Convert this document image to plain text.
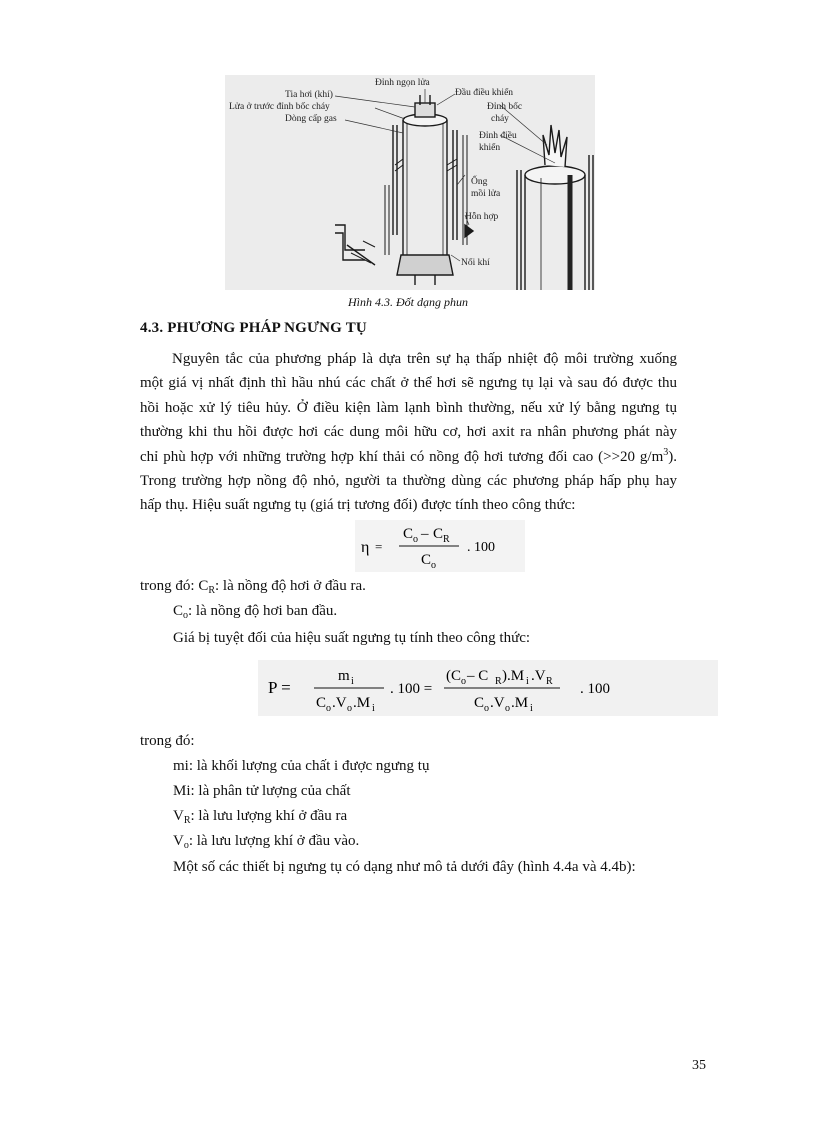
Đỉnh ngọn lửa
Tia hơi (khí)
Lửa ở trước đỉnh bốc cháy
Dòng cấp gas
Đầu điều khiển
Đỉnh bốc
cháy
Đỉnh điều
khiển
Ống
mồi lửa
Hỗn hợp
Nối khí
Hình 4.3. Đốt dạng phun
4.3. PHƯƠNG PHÁP NGƯNG TỤ
Nguyên tắc của phương pháp là dựa trên sự hạ thấp nhiệt độ môi trường xuống
một giá vị nhất định thì hầu nhú các chất ở thể hơi sẽ ngưng tụ lại và sau đó được thu
hồi hoặc xử lý tiêu hủy. Ở điều kiện làm lạnh bình thường, nếu xử lý bằng ngưng tụ
thường khi thu hồi được hơi các dung môi hữu cơ, hơi axit ra nhân phương phát này
chỉ phù hợp với những trường hợp khí thải có nồng độ hơi tương đối cao (>>20 $g/m^3$).
Trong trường hợp nồng độ nhỏ, người ta thường dùng các phương pháp hấp phụ hay
hấp thụ. Hiệu suất ngưng tụ (giá trị tương đối) được tính theo công thức:
η =
C o – C R
C o
. 100
trong đó: $C_R$: là nồng độ hơi ở đầu ra.
$C_o$: là nồng độ hơi ban đầu.
Giá bị tuyệt đối của hiệu suất ngưng tụ tính theo công thức:
P =
m i
C o .V o .M i
. 100 =
(C o – C R ).M i .V R
C o .V o .M i
. 100
trong đó:
mi: là khối lượng của chất i được ngưng tụ
Mi: là phân tử lượng của chất
$V_R$: là lưu lượng khí ở đầu ra
$V_o$: là lưu lượng khí ở đầu vào.
Một số các thiết bị ngưng tụ có dạng như mô tả dưới đây (hình 4.4a và 4.4b):
35
